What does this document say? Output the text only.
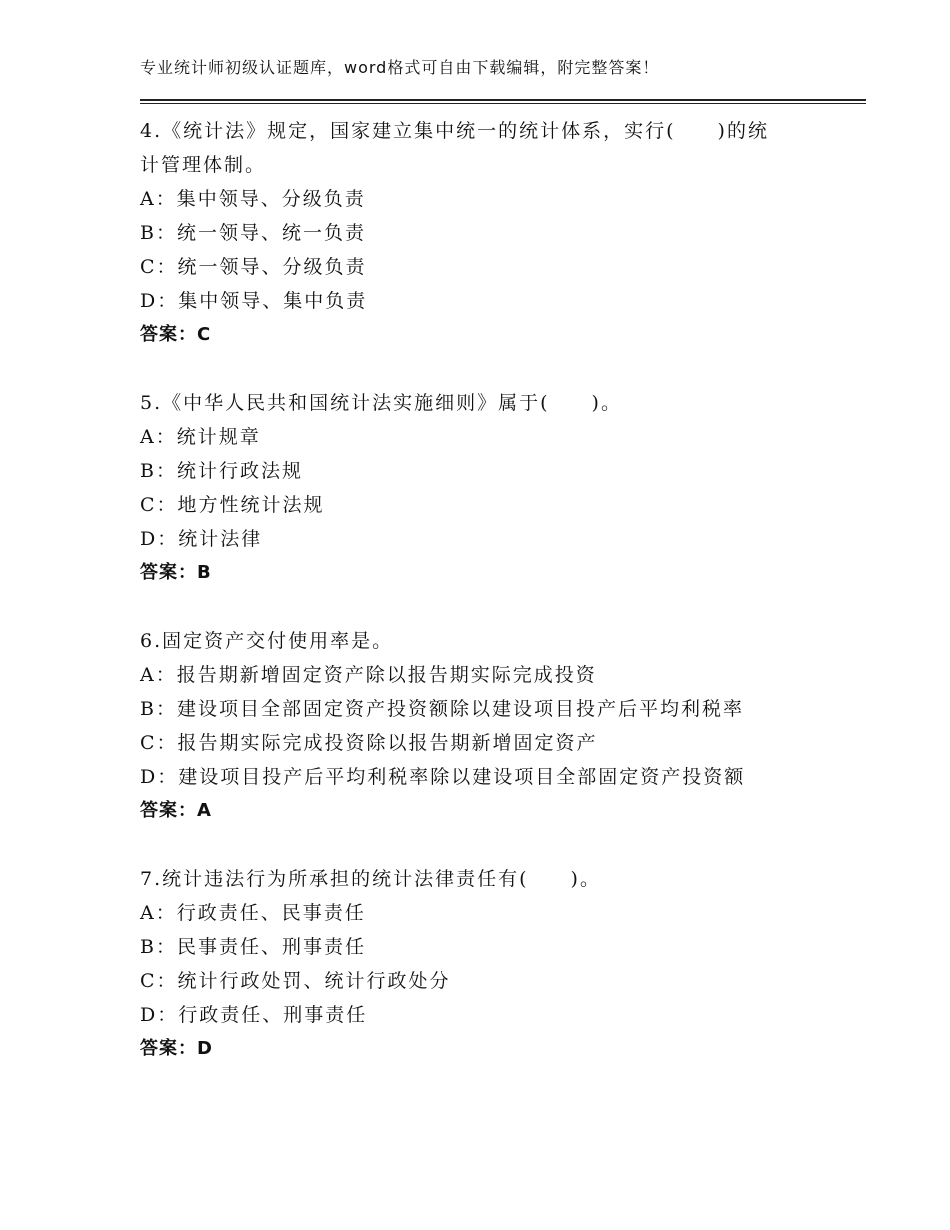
专业统计师初级认证题库，word格式可自由下载编辑，附完整答案！
4.《统计法》规定，国家建立集中统一的统计体系，实行(　　)的统
计管理体制。
A：集中领导、分级负责
B：统一领导、统一负责
C：统一领导、分级负责
D：集中领导、集中负责
答案：C
5.《中华人民共和国统计法实施细则》属于(　　)。
A：统计规章
B：统计行政法规
C：地方性统计法规
D：统计法律
答案：B
6.固定资产交付使用率是。
A：报告期新增固定资产除以报告期实际完成投资
B：建设项目全部固定资产投资额除以建设项目投产后平均利税率
C：报告期实际完成投资除以报告期新增固定资产
D：建设项目投产后平均利税率除以建设项目全部固定资产投资额
答案：A
7.统计违法行为所承担的统计法律责任有(　　)。
A：行政责任、民事责任
B：民事责任、刑事责任
C：统计行政处罚、统计行政处分
D：行政责任、刑事责任
答案：D
